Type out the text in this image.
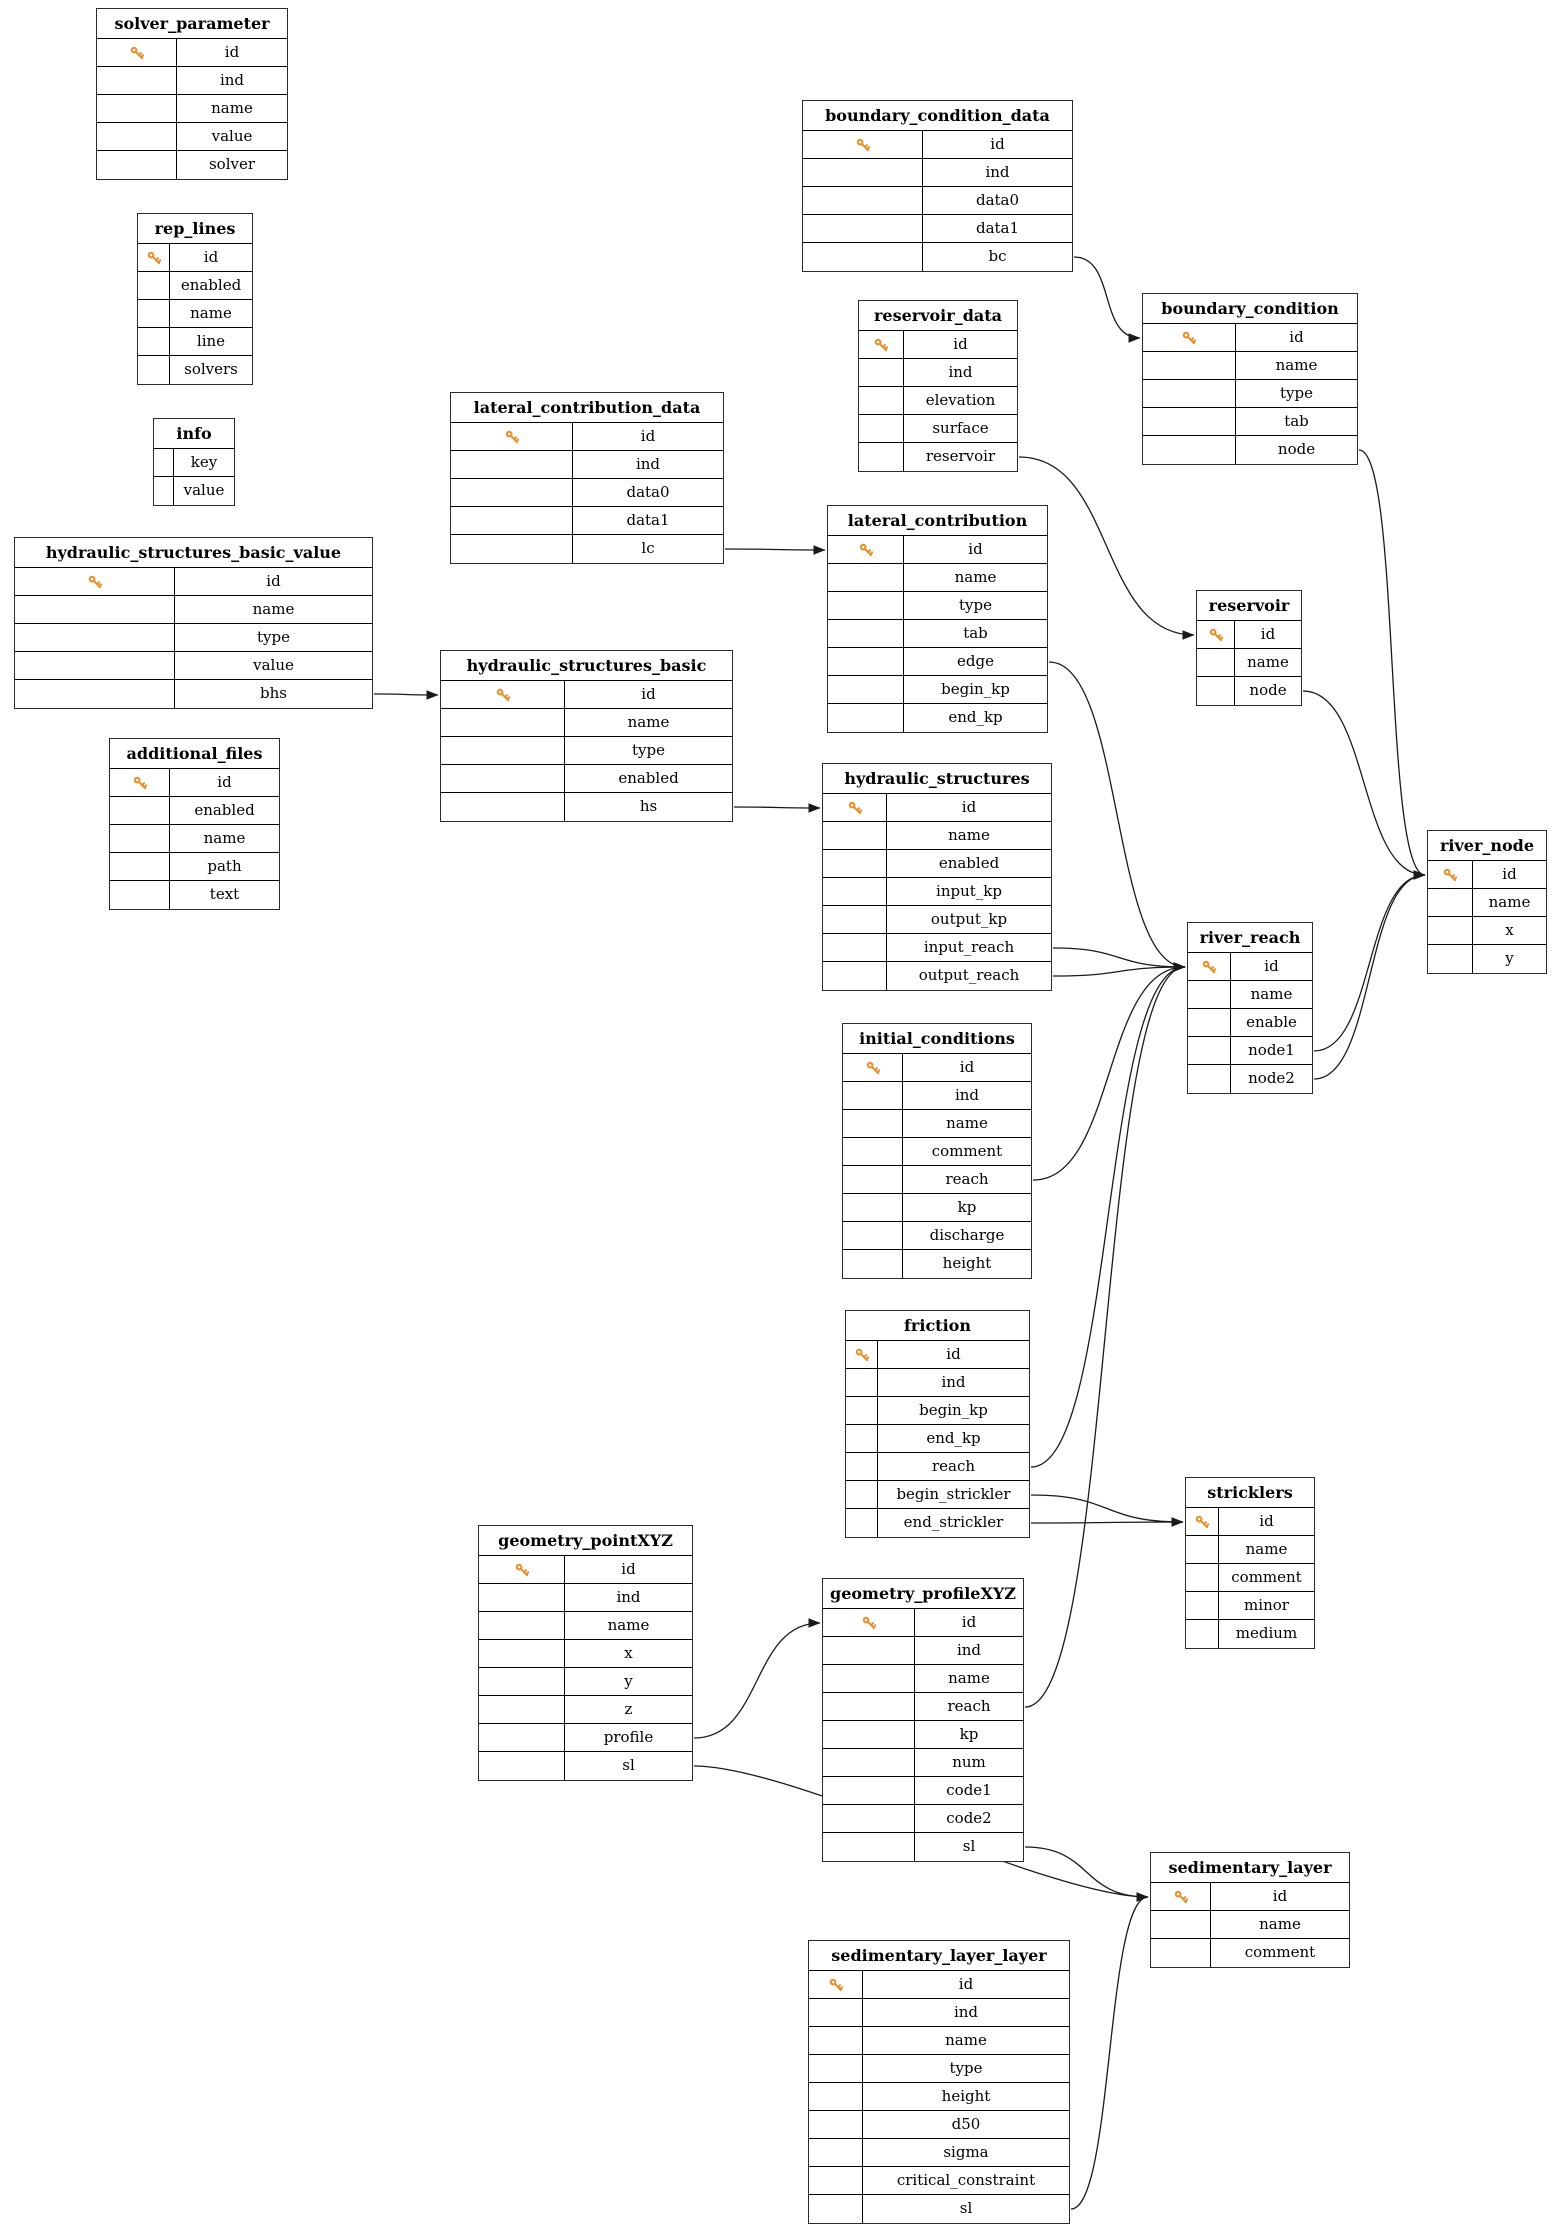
solver_parameter
id
ind
name
value
solver
rep_lines
id
enabled
name
line
solvers
info
key
value
hydraulic_structures_basic_value
id
name
type
value
bhs
additional_files
id
enabled
name
path
text
lateral_contribution_data
id
ind
data0
data1
lc
hydraulic_structures_basic
id
name
type
enabled
hs
boundary_condition_data
id
ind
data0
data1
bc
reservoir_data
id
ind
elevation
surface
reservoir
lateral_contribution
id
name
type
tab
edge
begin_kp
end_kp
hydraulic_structures
id
name
enabled
input_kp
output_kp
input_reach
output_reach
initial_conditions
id
ind
name
comment
reach
kp
discharge
height
friction
id
ind
begin_kp
end_kp
reach
begin_strickler
end_strickler
geometry_pointXYZ
id
ind
name
x
y
z
profile
sl
geometry_profileXYZ
id
ind
name
reach
kp
num
code1
code2
sl
sedimentary_layer_layer
id
ind
name
type
height
d50
sigma
critical_constraint
sl
boundary_condition
id
name
type
tab
node
reservoir
id
name
node
river_reach
id
name
enable
node1
node2
river_node
id
name
x
y
stricklers
id
name
comment
minor
medium
sedimentary_layer
id
name
comment
